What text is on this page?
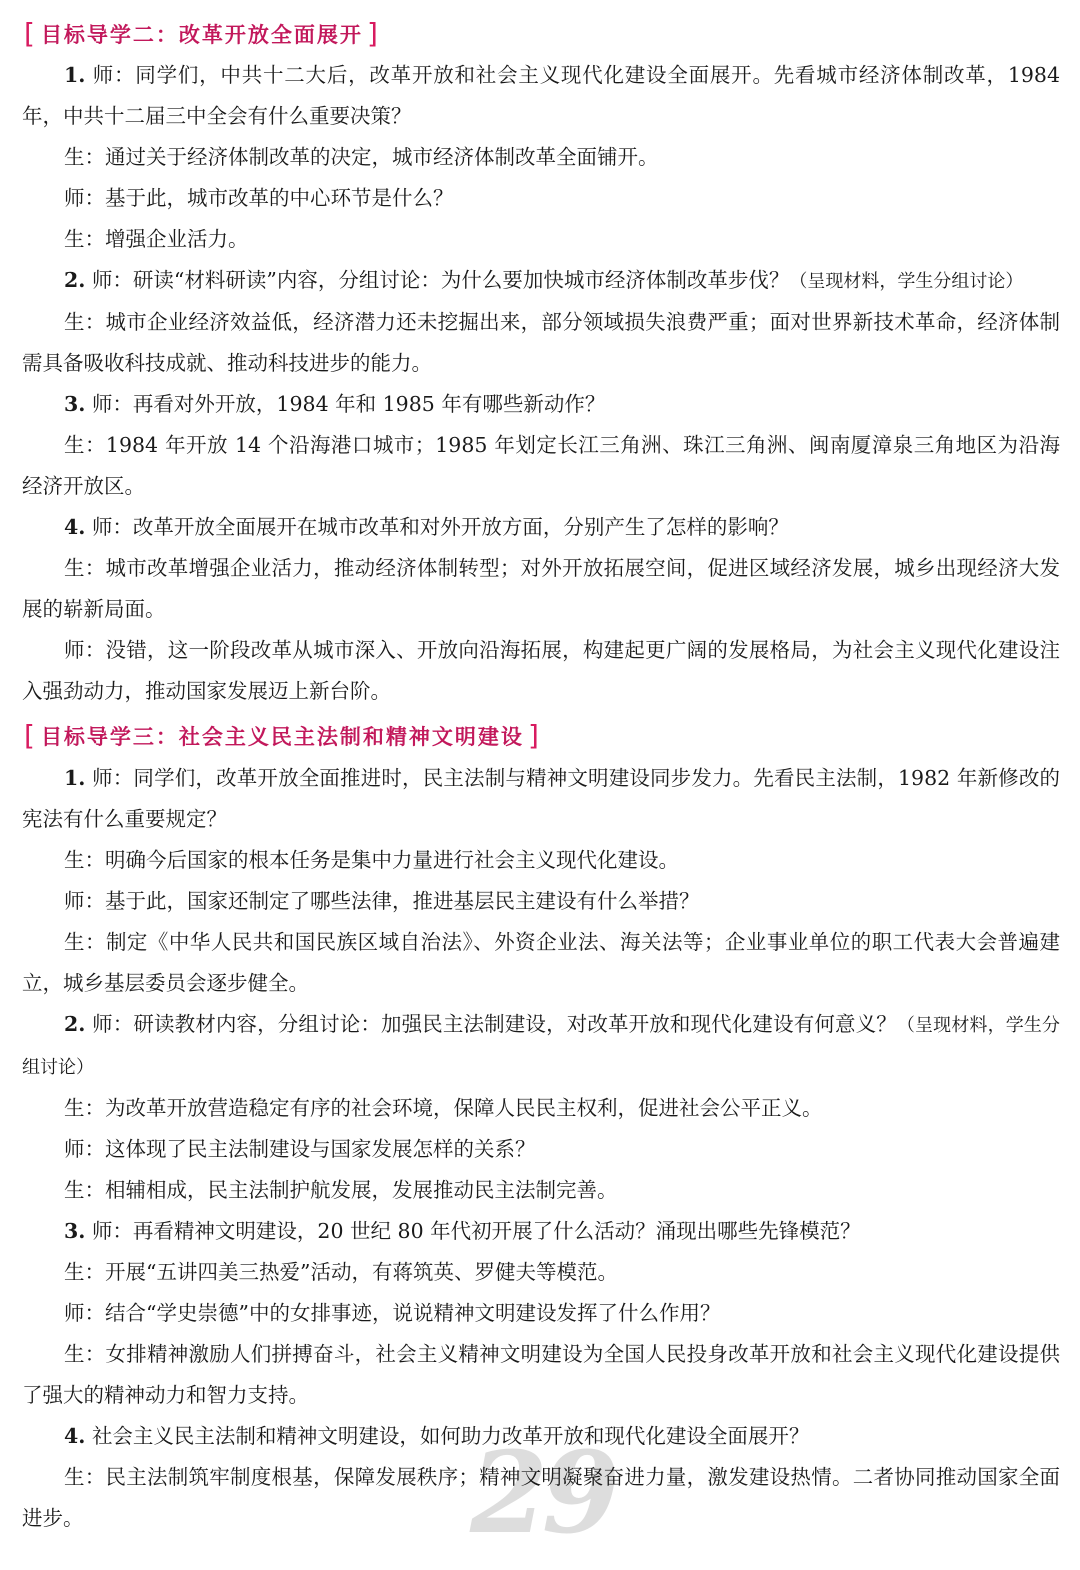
29
[ 目标导学二：改革开放全面展开 ]

1. 师：同学们，中共十二大后，改革开放和社会主义现代化建设全面展开。先看城市经济体制改革，1984年，中共十二届三中全会有什么重要决策？

生：通过关于经济体制改革的决定，城市经济体制改革全面铺开。

师：基于此，城市改革的中心环节是什么？

生：增强企业活力。

2. 师：研读“材料研读”内容，分组讨论：为什么要加快城市经济体制改革步伐？（呈现材料，学生分组讨论）

生：城市企业经济效益低，经济潜力还未挖掘出来，部分领域损失浪费严重；面对世界新技术革命，经济体制需具备吸收科技成就、推动科技进步的能力。

3. 师：再看对外开放，1984 年和 1985 年有哪些新动作？

生：1984 年开放 14 个沿海港口城市；1985 年划定长江三角洲、珠江三角洲、闽南厦漳泉三角地区为沿海经济开放区。

4. 师：改革开放全面展开在城市改革和对外开放方面，分别产生了怎样的影响？

生：城市改革增强企业活力，推动经济体制转型；对外开放拓展空间，促进区域经济发展，城乡出现经济大发展的崭新局面。

师：没错，这一阶段改革从城市深入、开放向沿海拓展，构建起更广阔的发展格局，为社会主义现代化建设注入强劲动力，推动国家发展迈上新台阶。

[ 目标导学三：社会主义民主法制和精神文明建设 ]

1. 师：同学们，改革开放全面推进时，民主法制与精神文明建设同步发力。先看民主法制，1982 年新修改的宪法有什么重要规定？

生：明确今后国家的根本任务是集中力量进行社会主义现代化建设。

师：基于此，国家还制定了哪些法律，推进基层民主建设有什么举措？

生：制定《中华人民共和国民族区域自治法》、外资企业法、海关法等；企业事业单位的职工代表大会普遍建立，城乡基层委员会逐步健全。

2. 师：研读教材内容，分组讨论：加强民主法制建设，对改革开放和现代化建设有何意义？（呈现材料，学生分组讨论）

生：为改革开放营造稳定有序的社会环境，保障人民民主权利，促进社会公平正义。

师：这体现了民主法制建设与国家发展怎样的关系？

生：相辅相成，民主法制护航发展，发展推动民主法制完善。

3. 师：再看精神文明建设，20 世纪 80 年代初开展了什么活动？涌现出哪些先锋模范？

生：开展“五讲四美三热爱”活动，有蒋筑英、罗健夫等模范。

师：结合“学史崇德”中的女排事迹，说说精神文明建设发挥了什么作用？

生：女排精神激励人们拼搏奋斗，社会主义精神文明建设为全国人民投身改革开放和社会主义现代化建设提供了强大的精神动力和智力支持。

4. 社会主义民主法制和精神文明建设，如何助力改革开放和现代化建设全面展开？

生：民主法制筑牢制度根基，保障发展秩序；精神文明凝聚奋进力量，激发建设热情。二者协同推动国家全面进步。
